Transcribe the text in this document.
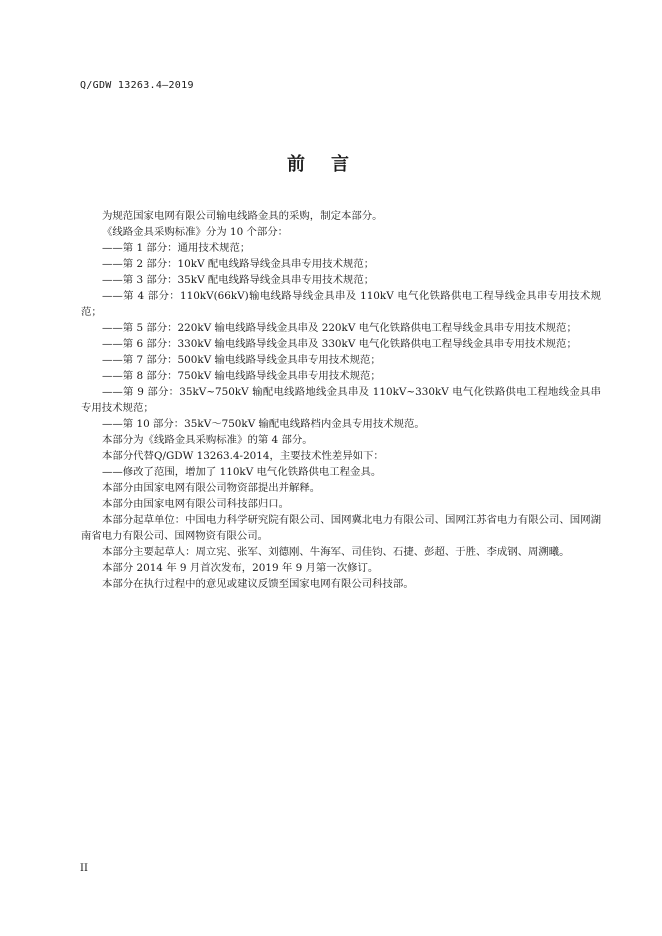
Q/GDW 13263.4—2019
前言

为规范国家电网有限公司输电线路金具的采购，制定本部分。

《线路金具采购标准》分为 10 个部分：

——第 1 部分：通用技术规范；

——第 2 部分：10kV 配电线路导线金具串专用技术规范；

——第 3 部分：35kV 配电线路导线金具串专用技术规范；

——第 4 部分：110kV(66kV)输电线路导线金具串及 110kV 电气化铁路供电工程导线金具串专用技术规范；

——第 5 部分：220kV 输电线路导线金具串及 220kV 电气化铁路供电工程导线金具串专用技术规范；

——第 6 部分：330kV 输电线路导线金具串及 330kV 电气化铁路供电工程导线金具串专用技术规范；

——第 7 部分：500kV 输电线路导线金具串专用技术规范；

——第 8 部分：750kV 输电线路导线金具串专用技术规范；

——第 9 部分：35kV~750kV 输配电线路地线金具串及 110kV~330kV 电气化铁路供电工程地线金具串专用技术规范；

——第 10 部分：35kV～750kV 输配电线路档内金具专用技术规范。

本部分为《线路金具采购标准》的第 4 部分。

本部分代替Q/GDW 13263.4-2014，主要技术性差异如下：

——修改了范围，增加了 110kV 电气化铁路供电工程金具。

本部分由国家电网有限公司物资部提出并解释。

本部分由国家电网有限公司科技部归口。

本部分起草单位：中国电力科学研究院有限公司、国网冀北电力有限公司、国网江苏省电力有限公司、国网湖南省电力有限公司、国网物资有限公司。

本部分主要起草人：周立宪、张军、刘德刚、牛海军、司佳钧、石捷、彭超、于胜、李成钢、周溯曦。

本部分 2014 年 9 月首次发布，2019 年 9 月第一次修订。

本部分在执行过程中的意见或建议反馈至国家电网有限公司科技部。

II
